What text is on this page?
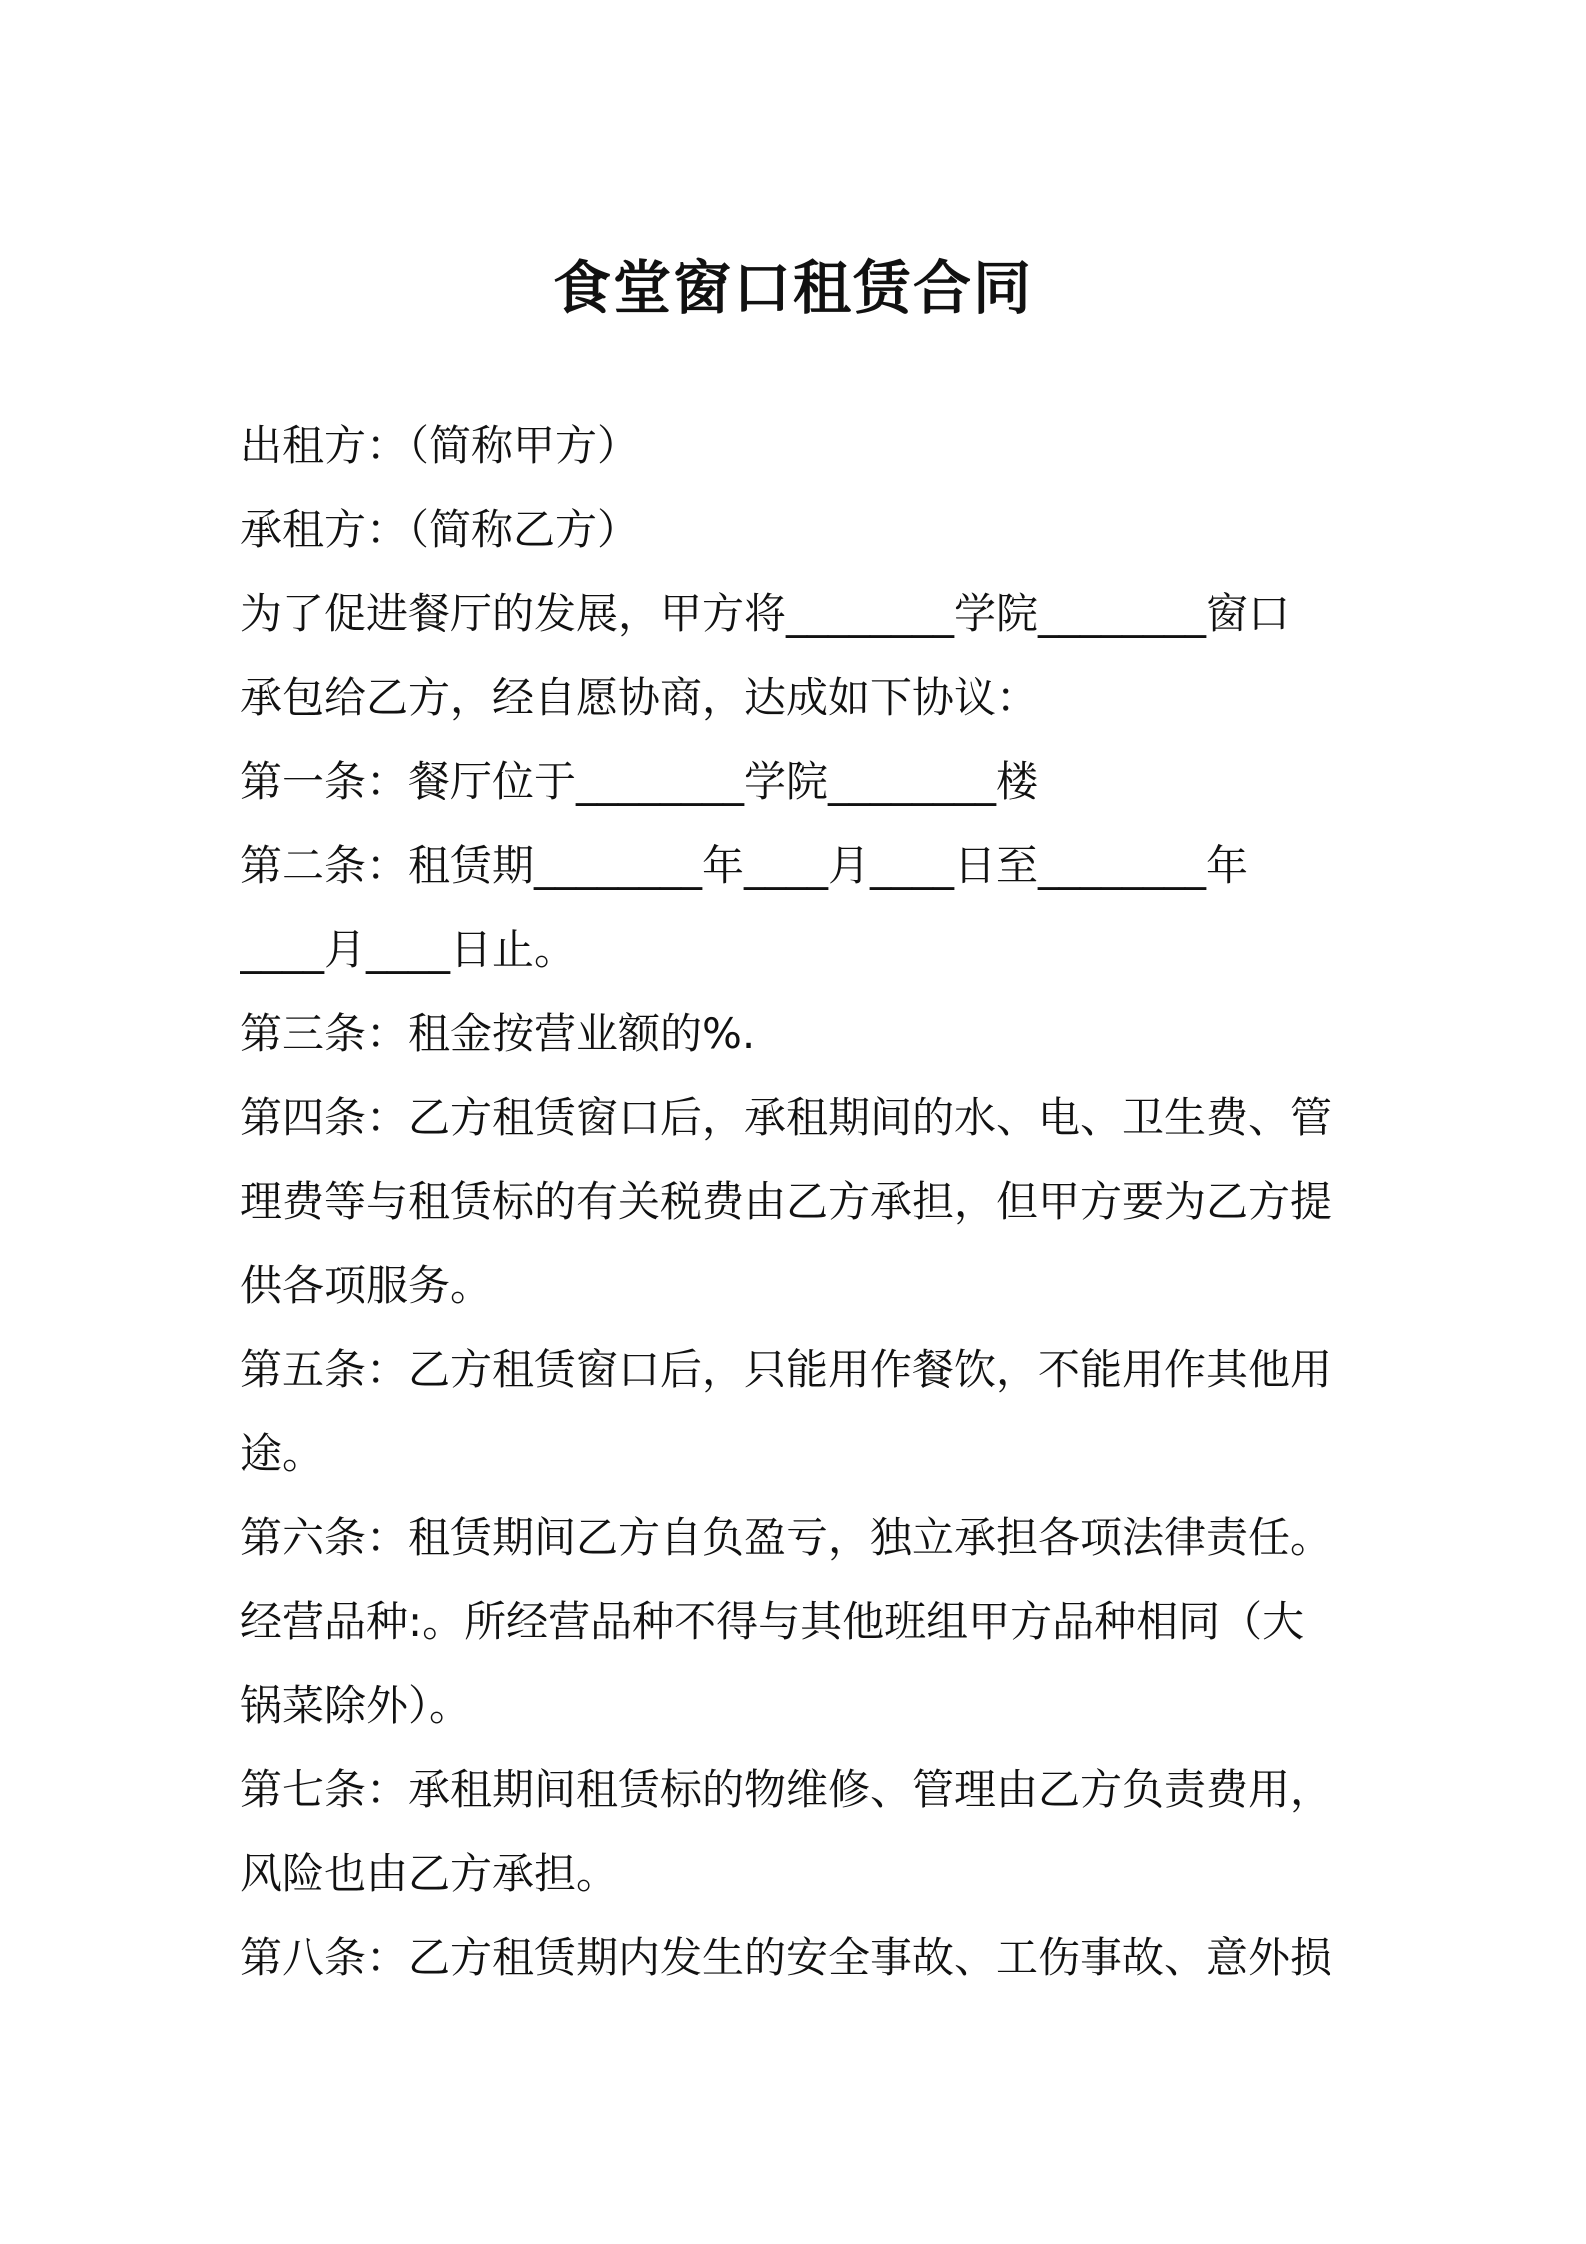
食堂窗口租赁合同
出租方：（简称甲方）
承租方：（简称乙方）
为了促进餐厅的发展，甲方将________学院________窗口
承包给乙方，经自愿协商，达成如下协议：
第一条：餐厅位于________学院________楼
第二条：租赁期________年____月____日至________年
____月____日止。
第三条：租金按营业额的%.
第四条：乙方租赁窗口后，承租期间的水、电、卫生费、管
理费等与租赁标的有关税费由乙方承担，但甲方要为乙方提
供各项服务。
第五条：乙方租赁窗口后，只能用作餐饮，不能用作其他用
途。
第六条：租赁期间乙方自负盈亏，独立承担各项法律责任。
经营品种:。所经营品种不得与其他班组甲方品种相同（大
锅菜除外）。
第七条：承租期间租赁标的物维修、管理由乙方负责费用，
风险也由乙方承担。
第八条：乙方租赁期内发生的安全事故、工伤事故、意外损
